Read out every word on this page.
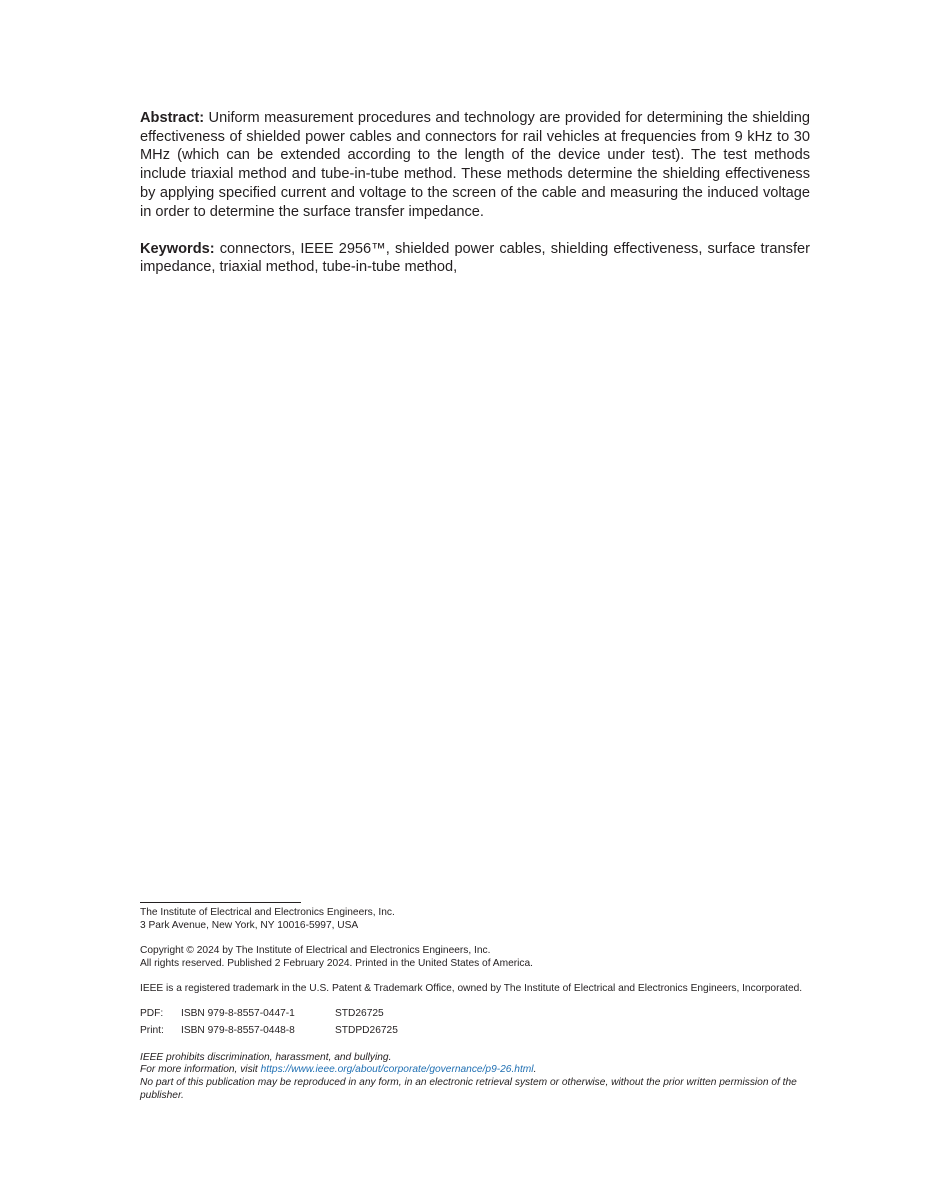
Abstract: Uniform measurement procedures and technology are provided for determining the shielding effectiveness of shielded power cables and connectors for rail vehicles at frequencies from 9 kHz to 30 MHz (which can be extended according to the length of the device under test). The test methods include triaxial method and tube-in-tube method. These methods determine the shielding effectiveness by applying specified current and voltage to the screen of the cable and measuring the induced voltage in order to determine the surface transfer impedance.

Keywords: connectors, IEEE 2956™, shielded power cables, shielding effectiveness, surface transfer impedance, triaxial method, tube-in-tube method,

The Institute of Electrical and Electronics Engineers, Inc.

3 Park Avenue, New York, NY 10016-5997, USA

Copyright © 2024 by The Institute of Electrical and Electronics Engineers, Inc.

All rights reserved. Published 2 February 2024. Printed in the United States of America.

IEEE is a registered trademark in the U.S. Patent & Trademark Office, owned by The Institute of Electrical and Electronics Engineers, Incorporated.

PDF:	ISBN 979-8-8557-0447-1	STD26725
Print:	ISBN 979-8-8557-0448-8	STDPD26725

IEEE prohibits discrimination, harassment, and bullying.

For more information, visit https://www.ieee.org/about/corporate/governance/p9-26.html.

No part of this publication may be reproduced in any form, in an electronic retrieval system or otherwise, without the prior written permission of the publisher.
